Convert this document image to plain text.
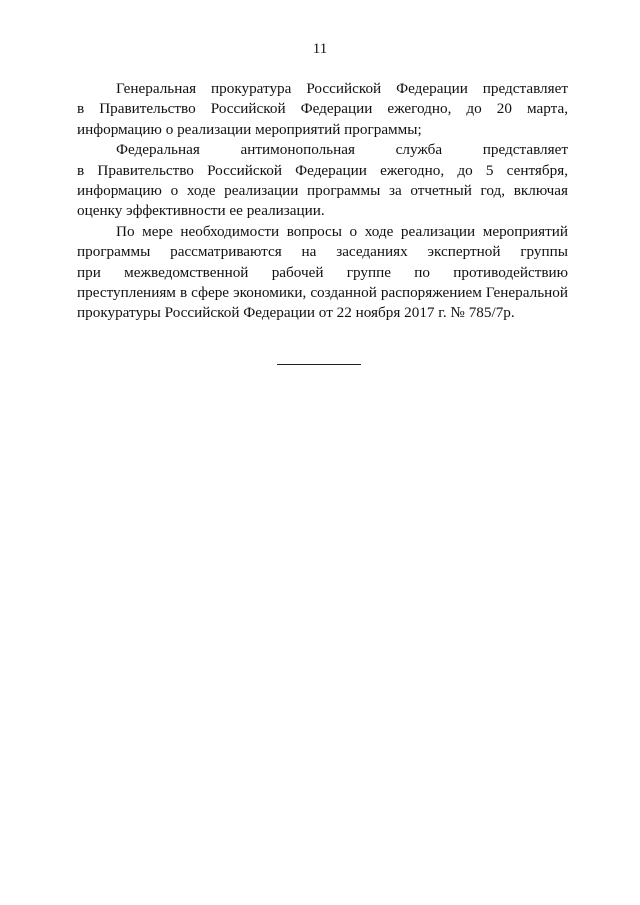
11

Генеральная прокуратура Российской Федерации представляет
в Правительство Российской Федерации ежегодно, до 20 марта,
информацию о реализации мероприятий программы;

Федеральная антимонопольная служба представляет
в Правительство Российской Федерации ежегодно, до 5 сентября,
информацию о ходе реализации программы за отчетный год, включая
оценку эффективности ее реализации.

По мере необходимости вопросы о ходе реализации мероприятий
программы рассматриваются на заседаниях экспертной группы
при межведомственной рабочей группе по противодействию
преступлениям в сфере экономики, созданной распоряжением Генеральной
прокуратуры Российской Федерации от 22 ноября 2017 г. № 785/7р.
